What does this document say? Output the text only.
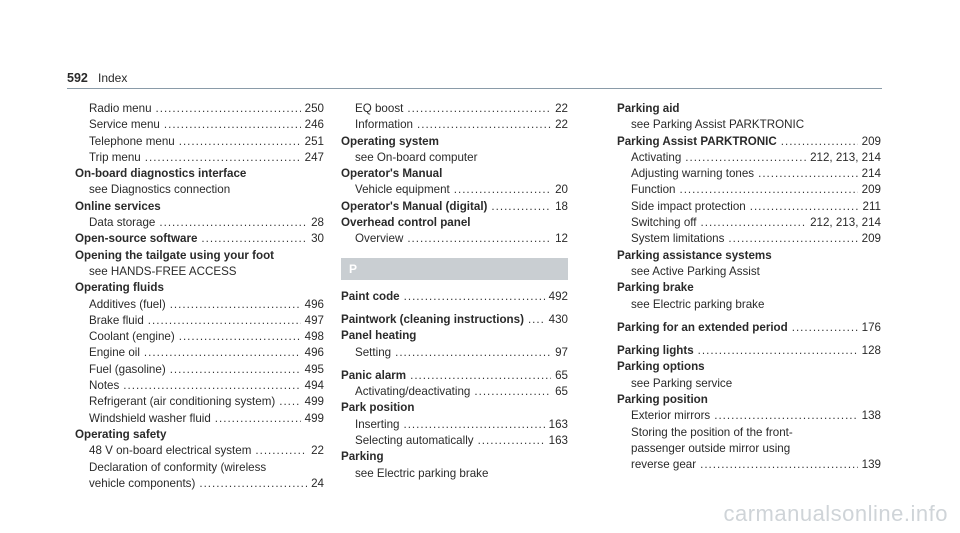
592 Index
Radio menu .....	250
Service menu .....	246
Telephone menu .....	251
Trip menu .....	247
On-board diagnostics interface
see Diagnostics connection
Online services
Data storage .....	28
Open-source software .....	30
Opening the tailgate using your foot
see HANDS-FREE ACCESS
Operating fluids
Additives (fuel) .....	496
Brake fluid .....	497
Coolant (engine) .....	498
Engine oil .....	496
Fuel (gasoline) .....	495
Notes .....	494
Refrigerant (air conditioning system) .....	499
Windshield washer fluid .....	499
Operating safety
48 V on-board electrical system .....	22
Declaration of conformity (wireless
vehicle components) .....	24
EQ boost .....	22
Information .....	22
Operating system
see On-board computer
Operator's Manual
Vehicle equipment .....	20
Operator's Manual (digital) .....	18
Overhead control panel
Overview .....	12
P
Paint code .....	492
Paintwork (cleaning instructions) ..... 430
Panel heating
Setting .....	97
Panic alarm .....	65
Activating/deactivating .....	65
Park position
Inserting .....	163
Selecting automatically .....	163
Parking
see Electric parking brake
Parking aid
see Parking Assist PARKTRONIC
Parking Assist PARKTRONIC .....	209
Activating .....	212, 213, 214
Adjusting warning tones .....	214
Function .....	209
Side impact protection .....	211
Switching off .....	212, 213, 214
System limitations .....	209
Parking assistance systems
see Active Parking Assist
Parking brake
see Electric parking brake
Parking for an extended period .....	176
Parking lights .....	128
Parking options
see Parking service
Parking position
Exterior mirrors .....	138
Storing the position of the front-
passenger outside mirror using
reverse gear .....	139
carmanualsonline.info
